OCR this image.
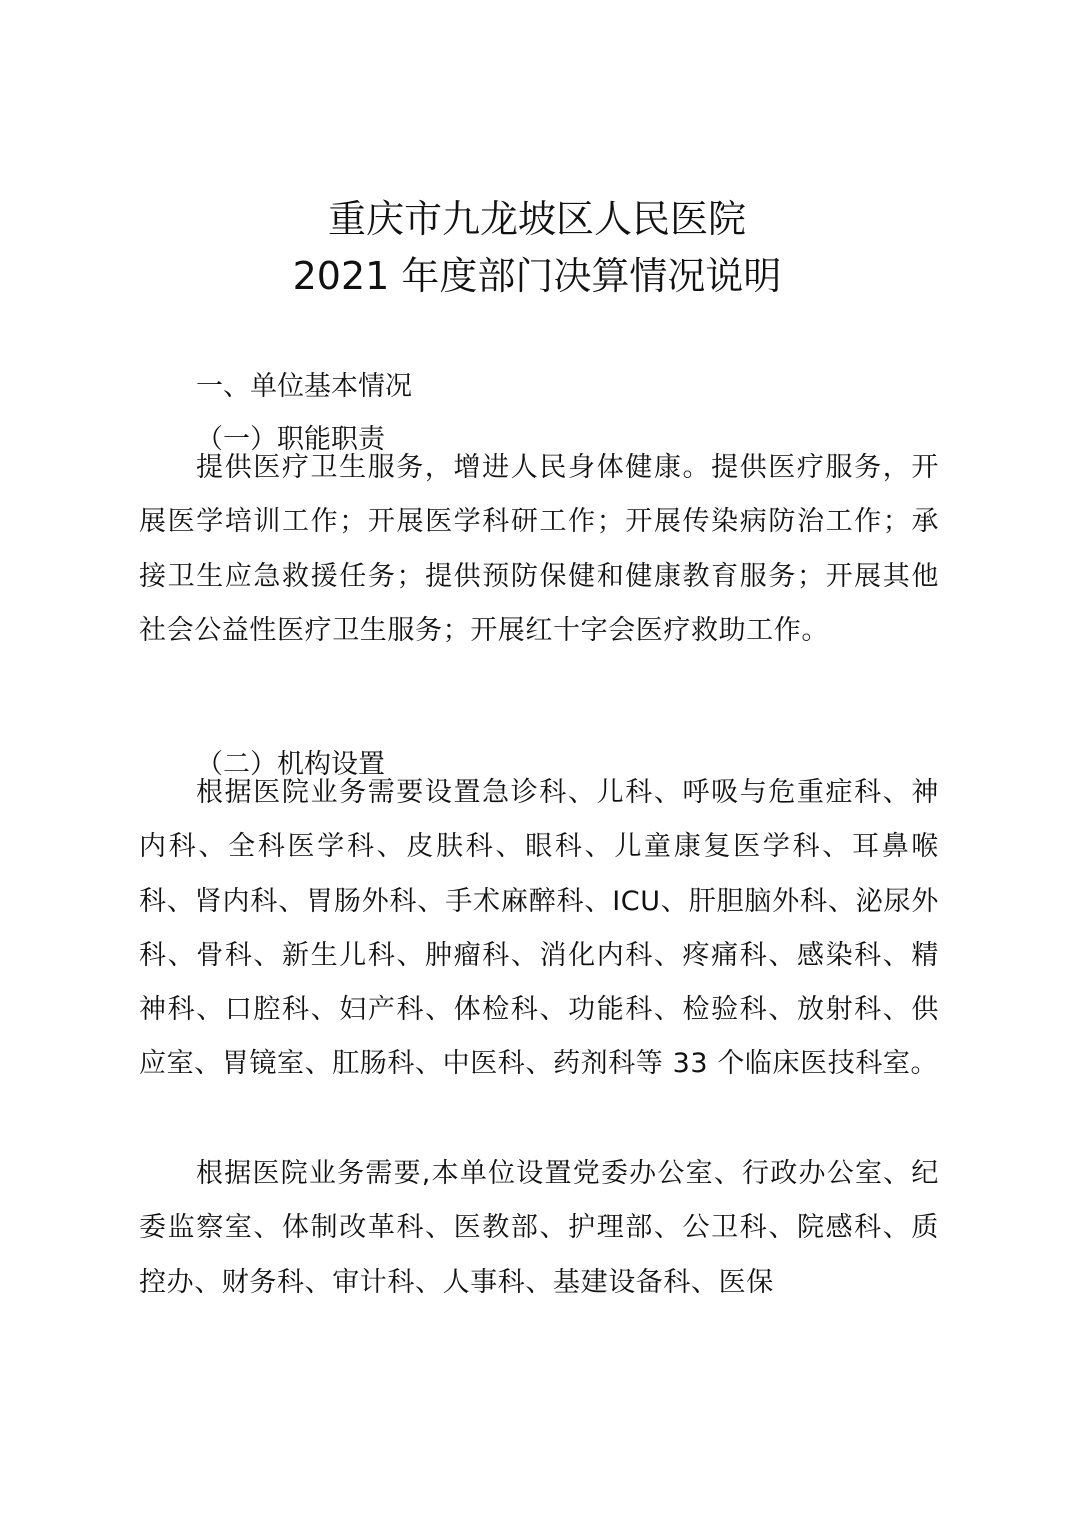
重庆市九龙坡区人民医院
2021 年度部门决算情况说明
一、单位基本情况
（一）职能职责

提供医疗卫生服务，增进人民身体健康。提供医疗服务，开展医学培训工作；开展医学科研工作；开展传染病防治工作；承接卫生应急救援任务；提供预防保健和健康教育服务；开展其他社会公益性医疗卫生服务；开展红十字会医疗救助工作。

（二）机构设置

根据医院业务需要设置急诊科、儿科、呼吸与危重症科、神内科、全科医学科、皮肤科、眼科、儿童康复医学科、耳鼻喉科、肾内科、胃肠外科、手术麻醉科、ICU、肝胆脑外科、泌尿外科、骨科、新生儿科、肿瘤科、消化内科、疼痛科、感染科、精神科、口腔科、妇产科、体检科、功能科、检验科、放射科、供应室、胃镜室、肛肠科、中医科、药剂科等 33 个临床医技科室。

根据医院业务需要,本单位设置党委办公室、行政办公室、纪委监察室、体制改革科、医教部、护理部、公卫科、院感科、质控办、财务科、审计科、人事科、基建设备科、医保
